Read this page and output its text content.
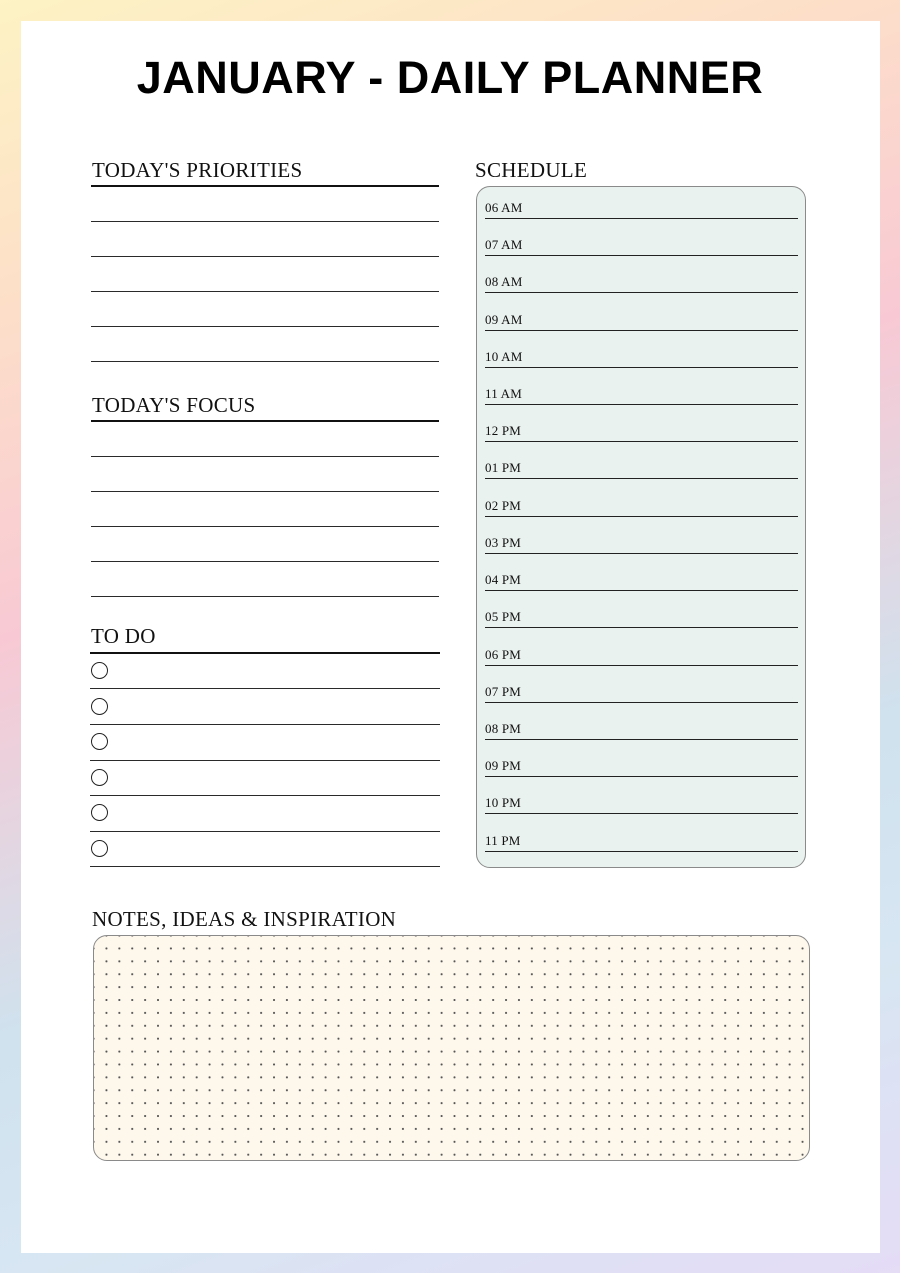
JANUARY - DAILY PLANNER
TODAY'S PRIORITIES
TODAY'S FOCUS
TO DO
SCHEDULE
06 AM
07 AM
08 AM
09 AM
10 AM
11 AM
12 PM
01 PM
02 PM
03 PM
04 PM
05 PM
06 PM
07 PM
08 PM
09 PM
10 PM
11 PM
NOTES, IDEAS & INSPIRATION
